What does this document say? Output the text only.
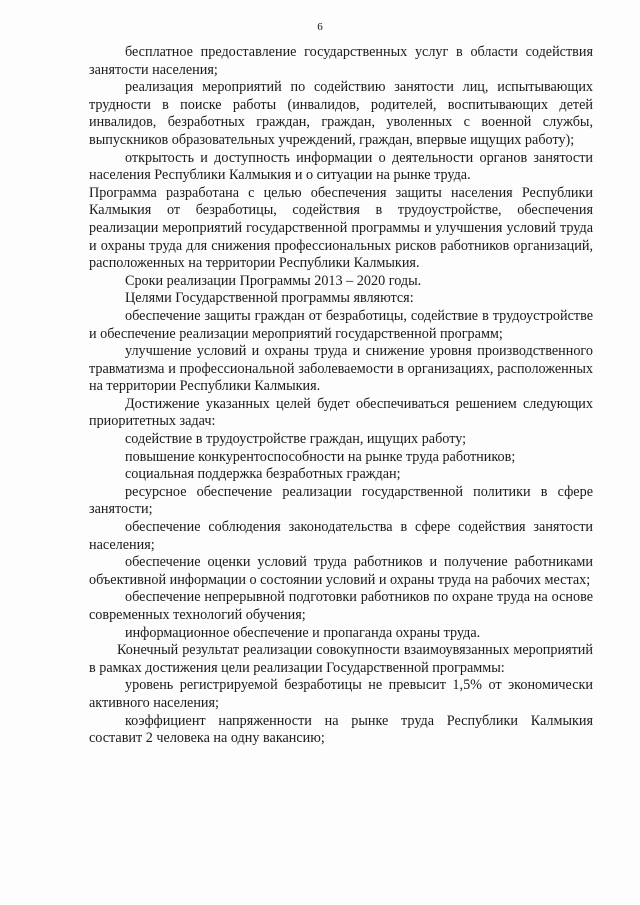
6

бесплатное предоставление государственных услуг в области содействия занятости населения;

реализация мероприятий по содействию занятости лиц, испытывающих трудности в поиске работы (инвалидов, родителей, воспитывающих детей инвалидов, безработных граждан, граждан, уволенных с военной службы, выпускников образовательных учреждений, граждан, впервые ищущих работу);

открытость и доступность информации о деятельности органов занятости населения Республики Калмыкия и о ситуации на рынке труда.

Программа разработана с целью обеспечения защиты населения Республики Калмыкия от безработицы, содействия в трудоустройстве, обеспечения реализации мероприятий государственной программы и улучшения условий труда и охраны труда для снижения профессиональных рисков работников организаций, расположенных на территории Республики Калмыкия.

Сроки реализации Программы 2013 – 2020 годы.

Целями Государственной программы являются:

обеспечение защиты граждан от безработицы, содействие в трудоустройстве и обеспечение реализации мероприятий государственной программ;

улучшение условий и охраны труда и снижение уровня производственного травматизма и профессиональной заболеваемости в организациях, расположенных на территории Республики Калмыкия.

Достижение указанных целей будет обеспечиваться решением следующих приоритетных задач:

содействие в трудоустройстве граждан, ищущих работу;

повышение конкурентоспособности на рынке труда работников;

социальная поддержка безработных граждан;

ресурсное обеспечение реализации государственной политики в сфере занятости;

обеспечение соблюдения законодательства в сфере содействия занятости населения;

обеспечение оценки условий труда работников и получение работниками объективной информации о состоянии условий и охраны труда на рабочих местах;

обеспечение непрерывной подготовки работников по охране труда на основе современных технологий обучения;

информационное обеспечение и пропаганда охраны труда.

Конечный результат реализации совокупности взаимоувязанных мероприятий в рамках достижения цели реализации Государственной программы:

уровень регистрируемой безработицы не превысит 1,5% от экономически активного населения;

коэффициент напряженности на рынке труда Республики Калмыкия составит 2 человека на одну вакансию;
